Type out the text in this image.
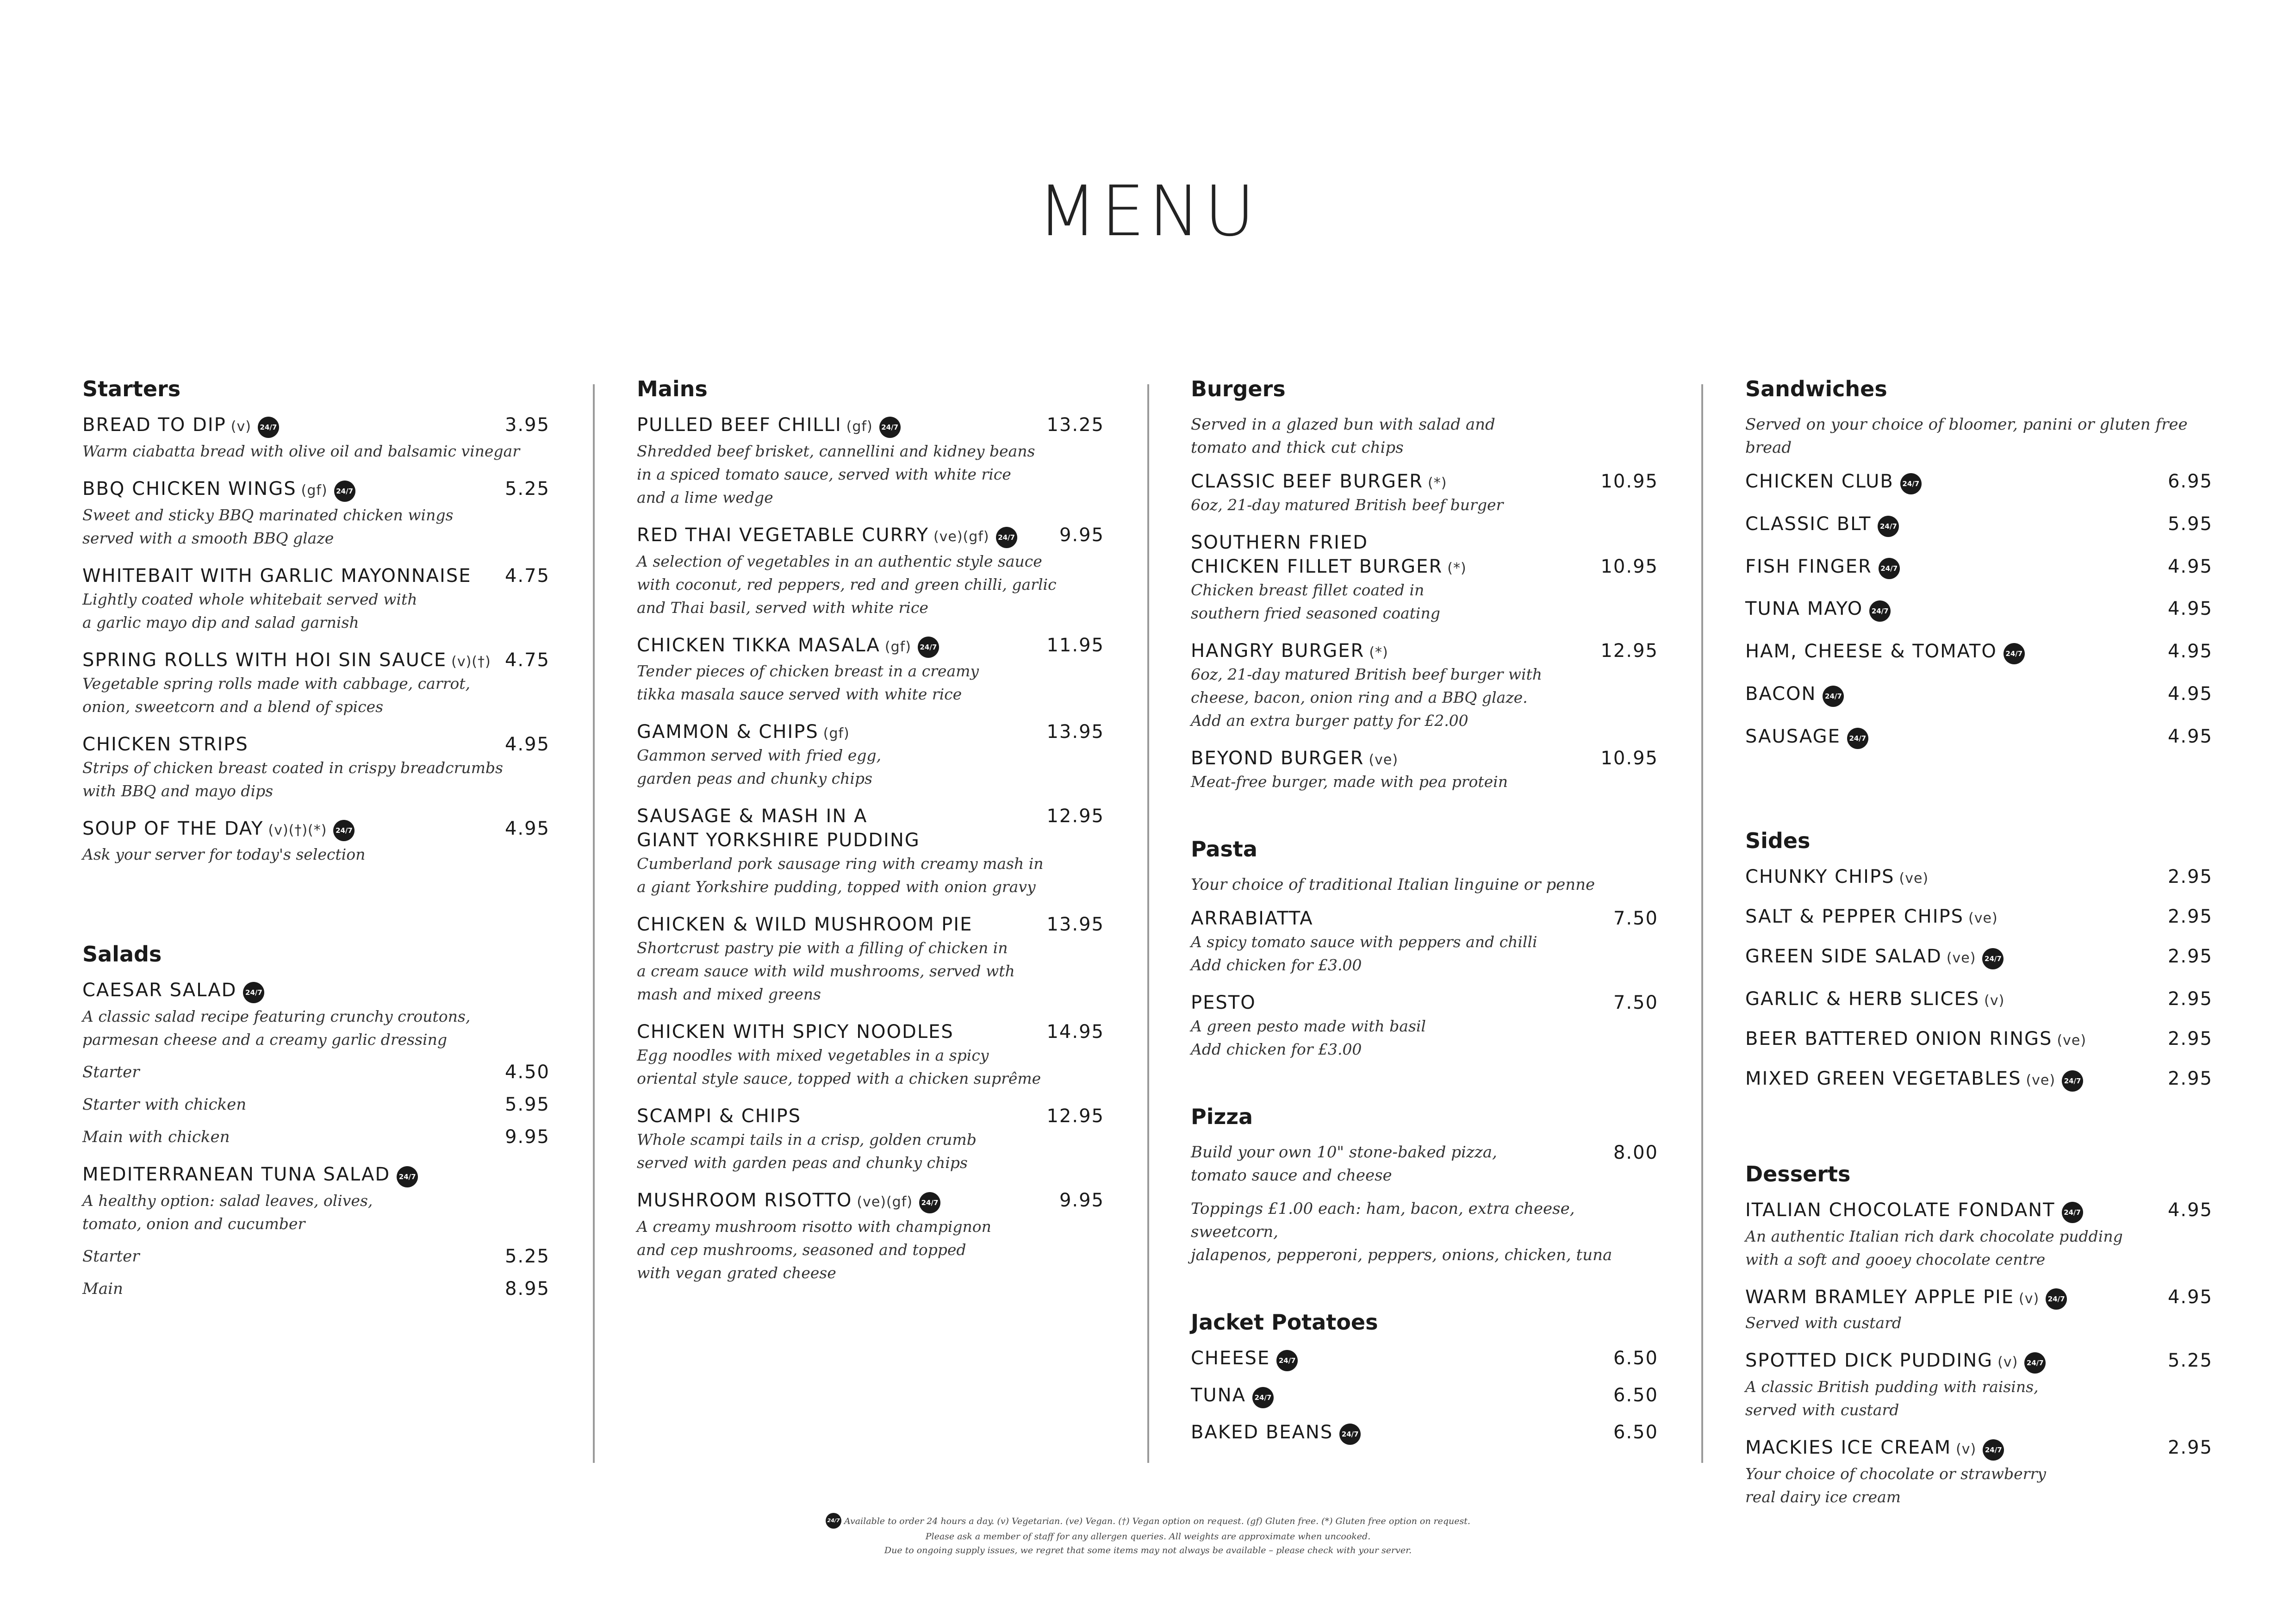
MENU
Starters
BREAD TO DIP (v) 24/7	3.95
Warm ciabatta bread with olive oil and balsamic vinegar
BBQ CHICKEN WINGS (gf) 24/7	5.25
Sweet and sticky BBQ marinated chicken wings
served with a smooth BBQ glaze
WHITEBAIT WITH GARLIC MAYONNAISE 4.75
Lightly coated whole whitebait served with
a garlic mayo dip and salad garnish
SPRING ROLLS WITH HOI SIN SAUCE (v)(†) 4.75
Vegetable spring rolls made with cabbage, carrot,
onion, sweetcorn and a blend of spices
CHICKEN STRIPS	4.95
Strips of chicken breast coated in crispy breadcrumbs
with BBQ and mayo dips
SOUP OF THE DAY (v)(†)(*) 24/7	4.95
Ask your server for today's selection
Salads
CAESAR SALAD 24/7
A classic salad recipe featuring crunchy croutons,
parmesan cheese and a creamy garlic dressing
Starter	4.50
Starter with chicken	5.95
Main with chicken	9.95
MEDITERRANEAN TUNA SALAD 24/7
A healthy option: salad leaves, olives,
tomato, onion and cucumber
Starter	5.25
Main	8.95
Mains
PULLED BEEF CHILLI (gf) 24/7	13.25
Shredded beef brisket, cannellini and kidney beans
in a spiced tomato sauce, served with white rice
and a lime wedge
RED THAI VEGETABLE CURRY (ve)(gf) 24/7 9.95
A selection of vegetables in an authentic style sauce
with coconut, red peppers, red and green chilli, garlic
and Thai basil, served with white rice
CHICKEN TIKKA MASALA (gf) 24/7	11.95
Tender pieces of chicken breast in a creamy
tikka masala sauce served with white rice
GAMMON & CHIPS (gf)	13.95
Gammon served with fried egg,
garden peas and chunky chips
SAUSAGE & MASH IN A
GIANT YORKSHIRE PUDDING
12.95
Cumberland pork sausage ring with creamy mash in
a giant Yorkshire pudding, topped with onion gravy
CHICKEN & WILD MUSHROOM PIE	13.95
Shortcrust pastry pie with a filling of chicken in
a cream sauce with wild mushrooms, served wth
mash and mixed greens
CHICKEN WITH SPICY NOODLES	14.95
Egg noodles with mixed vegetables in a spicy
oriental style sauce, topped with a chicken suprême
SCAMPI & CHIPS	12.95
Whole scampi tails in a crisp, golden crumb
served with garden peas and chunky chips
MUSHROOM RISOTTO (ve)(gf) 24/7	9.95
A creamy mushroom risotto with champignon
and cep mushrooms, seasoned and topped
with vegan grated cheese
Burgers
Served in a glazed bun with salad and
tomato and thick cut chips
CLASSIC BEEF BURGER (*)	10.95
6oz, 21-day matured British beef burger
SOUTHERN FRIED
CHICKEN FILLET BURGER (*)	10.95
Chicken breast fillet coated in
southern fried seasoned coating
HANGRY BURGER (*)	12.95
6oz, 21-day matured British beef burger with
cheese, bacon, onion ring and a BBQ glaze.
Add an extra burger patty for £2.00
BEYOND BURGER (ve)	10.95
Meat-free burger, made with pea protein
Pasta
Your choice of traditional Italian linguine or penne
ARRABIATTA	7.50
A spicy tomato sauce with peppers and chilli
Add chicken for £3.00
PESTO	7.50
A green pesto made with basil
Add chicken for £3.00
Pizza
Build your own 10" stone-baked pizza,
tomato sauce and cheese
8.00
Toppings £1.00 each: ham, bacon, extra cheese, sweetcorn,
jalapenos, pepperoni, peppers, onions, chicken, tuna
Jacket Potatoes
CHEESE 24/7	6.50
TUNA 24/7	6.50
BAKED BEANS 24/7	6.50
Sandwiches
Served on your choice of bloomer, panini or gluten free bread
CHICKEN CLUB 24/7	6.95
CLASSIC BLT 24/7	5.95
FISH FINGER 24/7	4.95
TUNA MAYO 24/7	4.95
HAM, CHEESE & TOMATO 24/7	4.95
BACON 24/7	4.95
SAUSAGE 24/7	4.95
Sides
CHUNKY CHIPS (ve)	2.95
SALT & PEPPER CHIPS (ve)	2.95
GREEN SIDE SALAD (ve) 24/7	2.95
GARLIC & HERB SLICES (v)	2.95
BEER BATTERED ONION RINGS (ve)	2.95
MIXED GREEN VEGETABLES (ve) 24/7	2.95
Desserts
ITALIAN CHOCOLATE FONDANT 24/7	4.95
An authentic Italian rich dark chocolate pudding
with a soft and gooey chocolate centre
WARM BRAMLEY APPLE PIE (v) 24/7	4.95
Served with custard
SPOTTED DICK PUDDING (v) 24/7	5.25
A classic British pudding with raisins,
served with custard
MACKIES ICE CREAM (v) 24/7	2.95
Your choice of chocolate or strawberry
real dairy ice cream
24/7 Available to order 24 hours a day. (v) Vegetarian. (ve) Vegan. (†) Vegan option on request. (gf) Gluten free. (*) Gluten free option on request.
Please ask a member of staff for any allergen queries. All weights are approximate when uncooked.
Due to ongoing supply issues, we regret that some items may not always be available – please check with your server.
